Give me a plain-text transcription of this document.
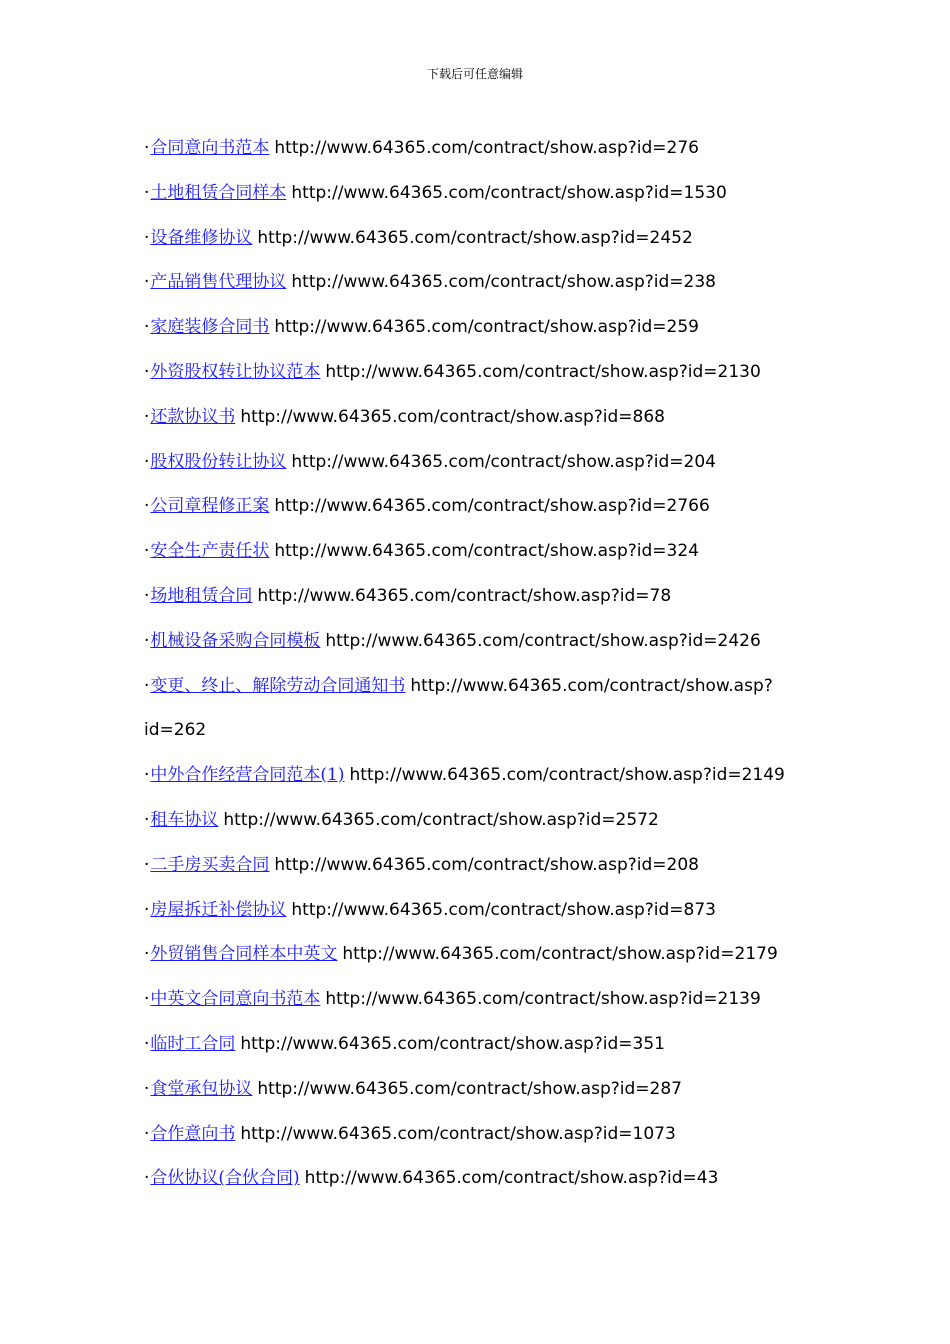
下载后可任意编辑
·合同意向书范本 http://www.64365.com/contract/show.asp?id=276
·土地租赁合同样本 http://www.64365.com/contract/show.asp?id=1530
·设备维修协议 http://www.64365.com/contract/show.asp?id=2452
·产品销售代理协议 http://www.64365.com/contract/show.asp?id=238
·家庭装修合同书 http://www.64365.com/contract/show.asp?id=259
·外资股权转让协议范本 http://www.64365.com/contract/show.asp?id=2130
·还款协议书 http://www.64365.com/contract/show.asp?id=868
·股权股份转让协议 http://www.64365.com/contract/show.asp?id=204
·公司章程修正案 http://www.64365.com/contract/show.asp?id=2766
·安全生产责任状 http://www.64365.com/contract/show.asp?id=324
·场地租赁合同 http://www.64365.com/contract/show.asp?id=78
·机械设备采购合同模板 http://www.64365.com/contract/show.asp?id=2426
·变更、终止、解除劳动合同通知书 http://www.64365.com/contract/show.asp?
id=262
·中外合作经营合同范本(1) http://www.64365.com/contract/show.asp?id=2149
·租车协议 http://www.64365.com/contract/show.asp?id=2572
·二手房买卖合同 http://www.64365.com/contract/show.asp?id=208
·房屋拆迁补偿协议 http://www.64365.com/contract/show.asp?id=873
·外贸销售合同样本中英文 http://www.64365.com/contract/show.asp?id=2179
·中英文合同意向书范本 http://www.64365.com/contract/show.asp?id=2139
·临时工合同 http://www.64365.com/contract/show.asp?id=351
·食堂承包协议 http://www.64365.com/contract/show.asp?id=287
·合作意向书 http://www.64365.com/contract/show.asp?id=1073
·合伙协议(合伙合同) http://www.64365.com/contract/show.asp?id=43
